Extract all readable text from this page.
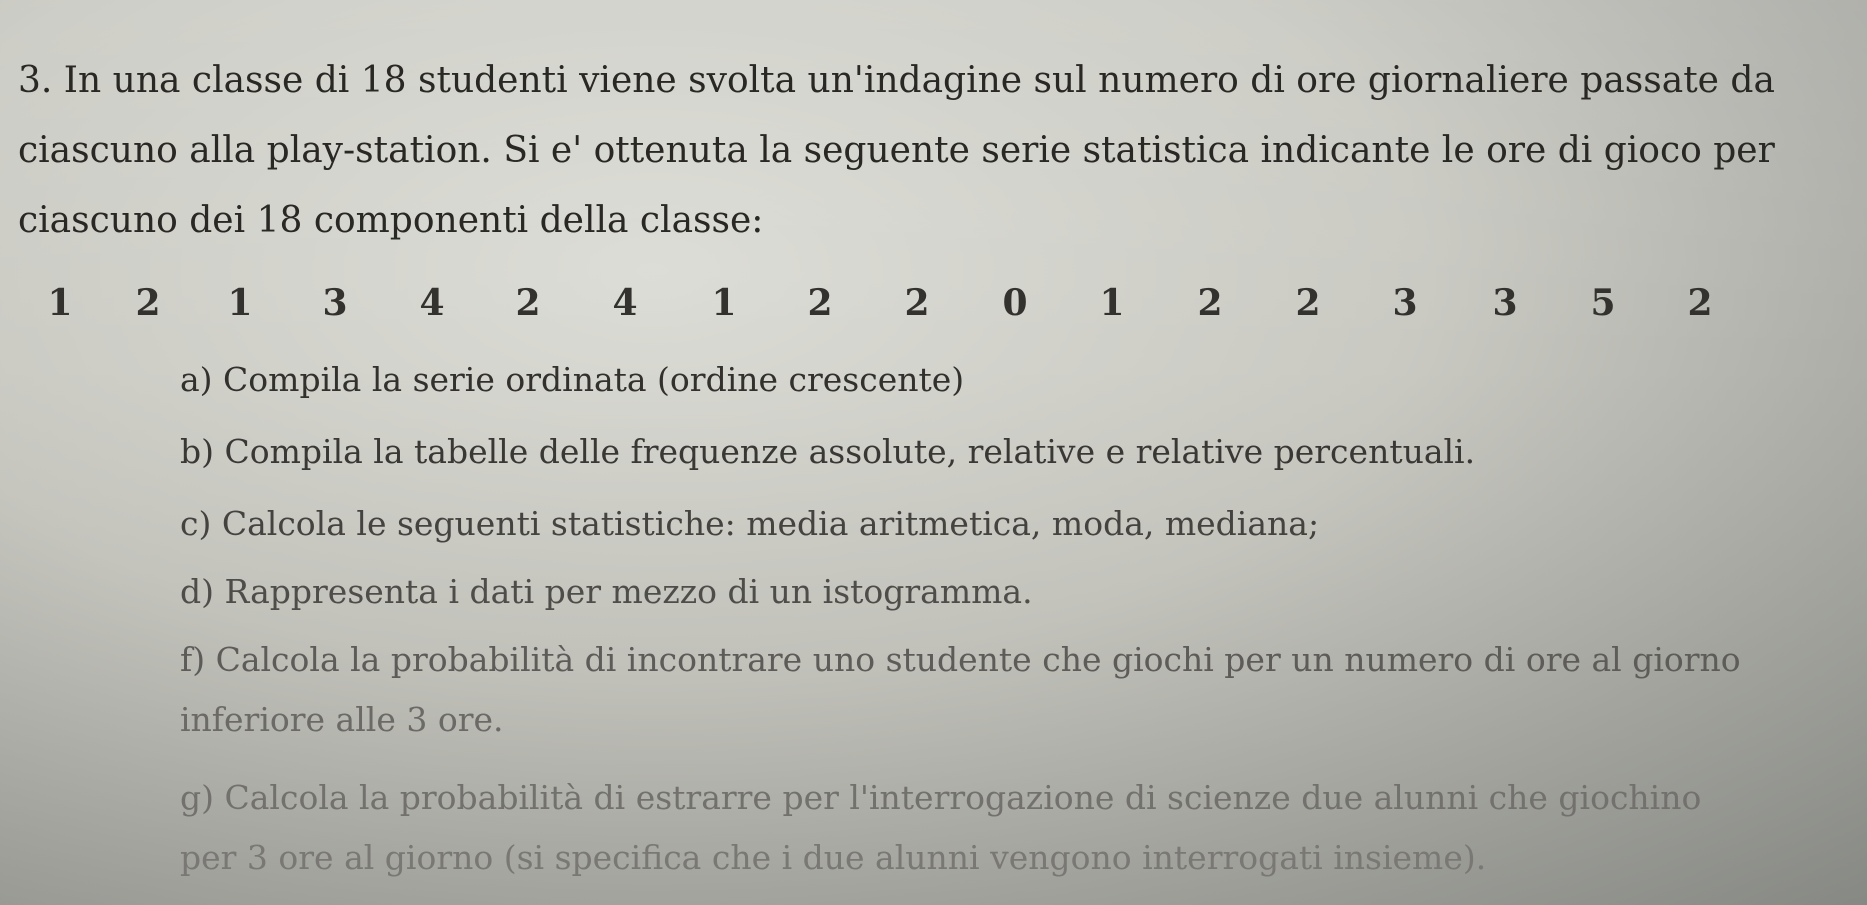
3. In una classe di 18 studenti viene svolta un'indagine sul numero di ore giornaliere passate da
ciascuno alla play-station. Si e' ottenuta la seguente serie statistica indicante le ore di gioco per
ciascuno dei 18 componenti della classe:

1 2 1 3 4 2 4 1 2 2 0 1 2 2 3 3 5 2
a) Compila la serie ordinata (ordine crescente)
b) Compila la tabelle delle frequenze assolute, relative e relative percentuali.
c) Calcola le seguenti statistiche: media aritmetica, moda, mediana;
d) Rappresenta i dati per mezzo di un istogramma.
f) Calcola la probabilità di incontrare uno studente che giochi per un numero di ore al giorno
inferiore alle 3 ore.
g) Calcola la probabilità di estrarre per l'interrogazione di scienze due alunni che giochino
per 3 ore al giorno (si specifica che i due alunni vengono interrogati insieme).
